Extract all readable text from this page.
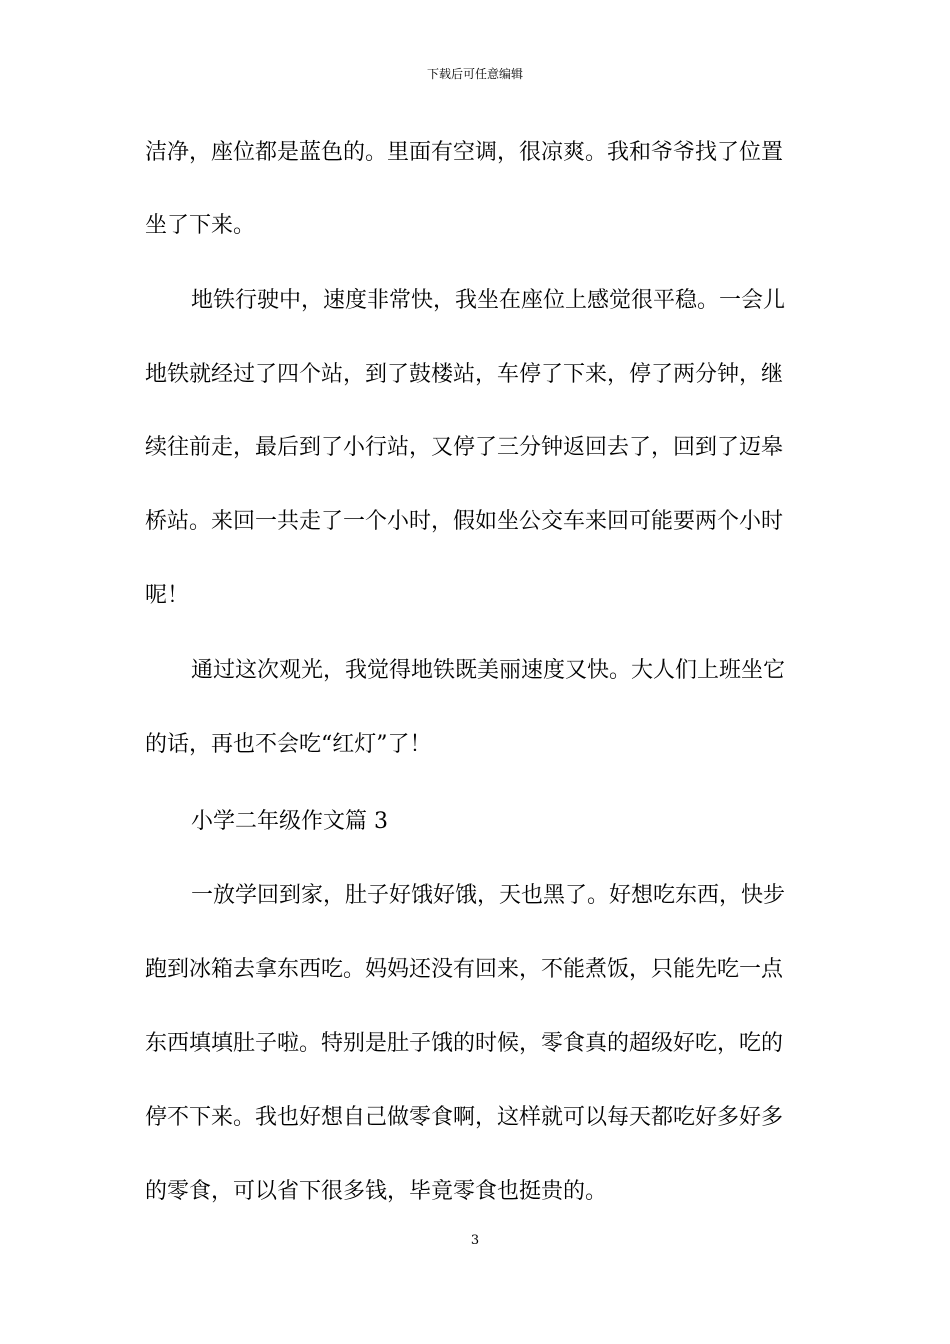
下载后可任意编辑
洁净，座位都是蓝色的。里面有空调，很凉爽。我和爷爷找了位置
坐了下来。
地铁行驶中，速度非常快，我坐在座位上感觉很平稳。一会儿
地铁就经过了四个站，到了鼓楼站，车停了下来，停了两分钟，继
续往前走，最后到了小行站，又停了三分钟返回去了，回到了迈皋
桥站。来回一共走了一个小时，假如坐公交车来回可能要两个小时
呢！
通过这次观光，我觉得地铁既美丽速度又快。大人们上班坐它
的话，再也不会吃“红灯”了！
小学二年级作文篇 3
一放学回到家，肚子好饿好饿，天也黑了。好想吃东西，快步
跑到冰箱去拿东西吃。妈妈还没有回来，不能煮饭，只能先吃一点
东西填填肚子啦。特别是肚子饿的时候，零食真的超级好吃，吃的
停不下来。我也好想自己做零食啊，这样就可以每天都吃好多好多
的零食，可以省下很多钱，毕竟零食也挺贵的。
3
